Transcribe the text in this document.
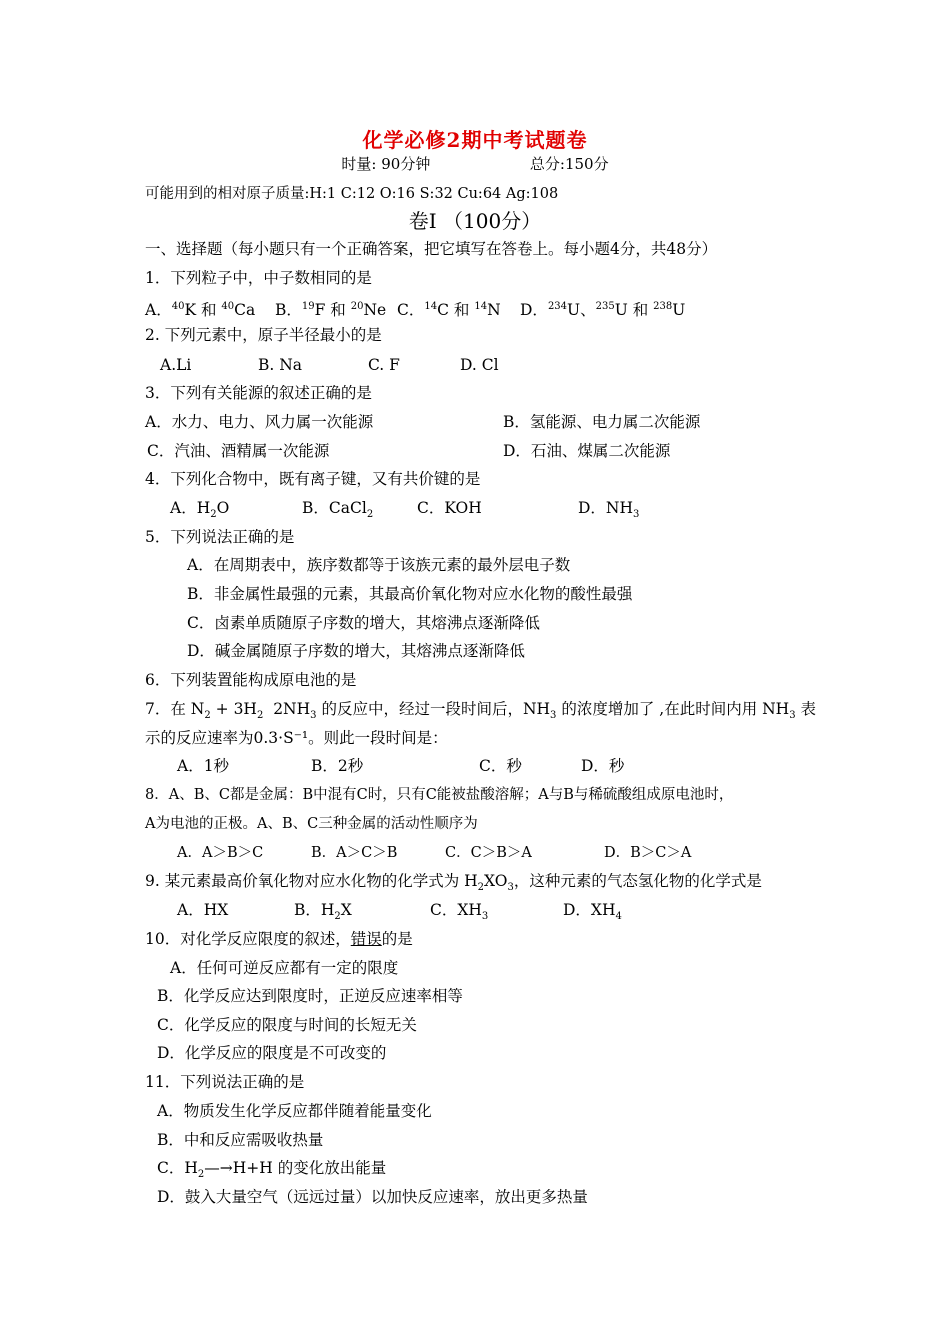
化学必修2期中考试题卷
时量: 90分钟	总分:150分
可能用到的相对原子质量:H:1 C:12 O:16 S:32 Cu:64 Ag:108
卷Ⅰ （100分）
一、选择题（每小题只有一个正确答案，把它填写在答卷上。每小题4分，共48分）
1．下列粒子中，中子数相同的是
A．$^{40}$K 和 $^{40}$Ca B．$^{19}$F 和 $^{20}$Ne C．$^{14}$C 和 $^{14}$N D．$^{234}$U、$^{235}$U 和 $^{238}$U
2. 下列元素中，原子半径最小的是
A.Li	B. Na	C. F	D. Cl
3．下列有关能源的叙述正确的是
A．水力、电力、风力属一次能源	B．氢能源、电力属二次能源
C．汽油、酒精属一次能源	D．石油、煤属二次能源
4．下列化合物中，既有离子键，又有共价键的是
A．$H_2O$	B．CaCl$_2$	C．KOH	D．$NH_3$
5．下列说法正确的是
A．在周期表中，族序数都等于该族元素的最外层电子数
B．非金属性最强的元素，其最高价氧化物对应水化物的酸性最强
C．卤素单质随原子序数的增大，其熔沸点逐渐降低
D．碱金属随原子序数的增大，其熔沸点逐渐降低
6．下列装置能构成原电池的是
7．在 $N_2 + 3H_2$  $2NH_3$ 的反应中，经过一段时间后，$NH_3$ 的浓度增加了 ,在此时间内用 $NH_3$ 表
示的反应速率为0.3·S⁻¹。则此一段时间是：
A．1秒	B．2秒	C．秒	D．秒
8．A、B、C都是金属：B中混有C时，只有C能被盐酸溶解；A与B与稀硫酸组成原电池时，
A为电池的正极。A、B、C三种金属的活动性顺序为
A．A＞B＞C	B．A＞C＞B	C．C＞B＞A	D．B＞C＞A
9. 某元素最高价氧化物对应水化物的化学式为 $H_2XO_3$，这种元素的气态氢化物的化学式是
A．HX	B．$H_2X$	C．$XH_3$	D．$XH_4$
10．对化学反应限度的叙述，错误的是
A．任何可逆反应都有一定的限度
B．化学反应达到限度时，正逆反应速率相等
C．化学反应的限度与时间的长短无关
D．化学反应的限度是不可改变的
11．下列说法正确的是
A．物质发生化学反应都伴随着能量变化
B．中和反应需吸收热量
C．$H_2—\to H+H$ 的变化放出能量
D．鼓入大量空气（远远过量）以加快反应速率，放出更多热量
